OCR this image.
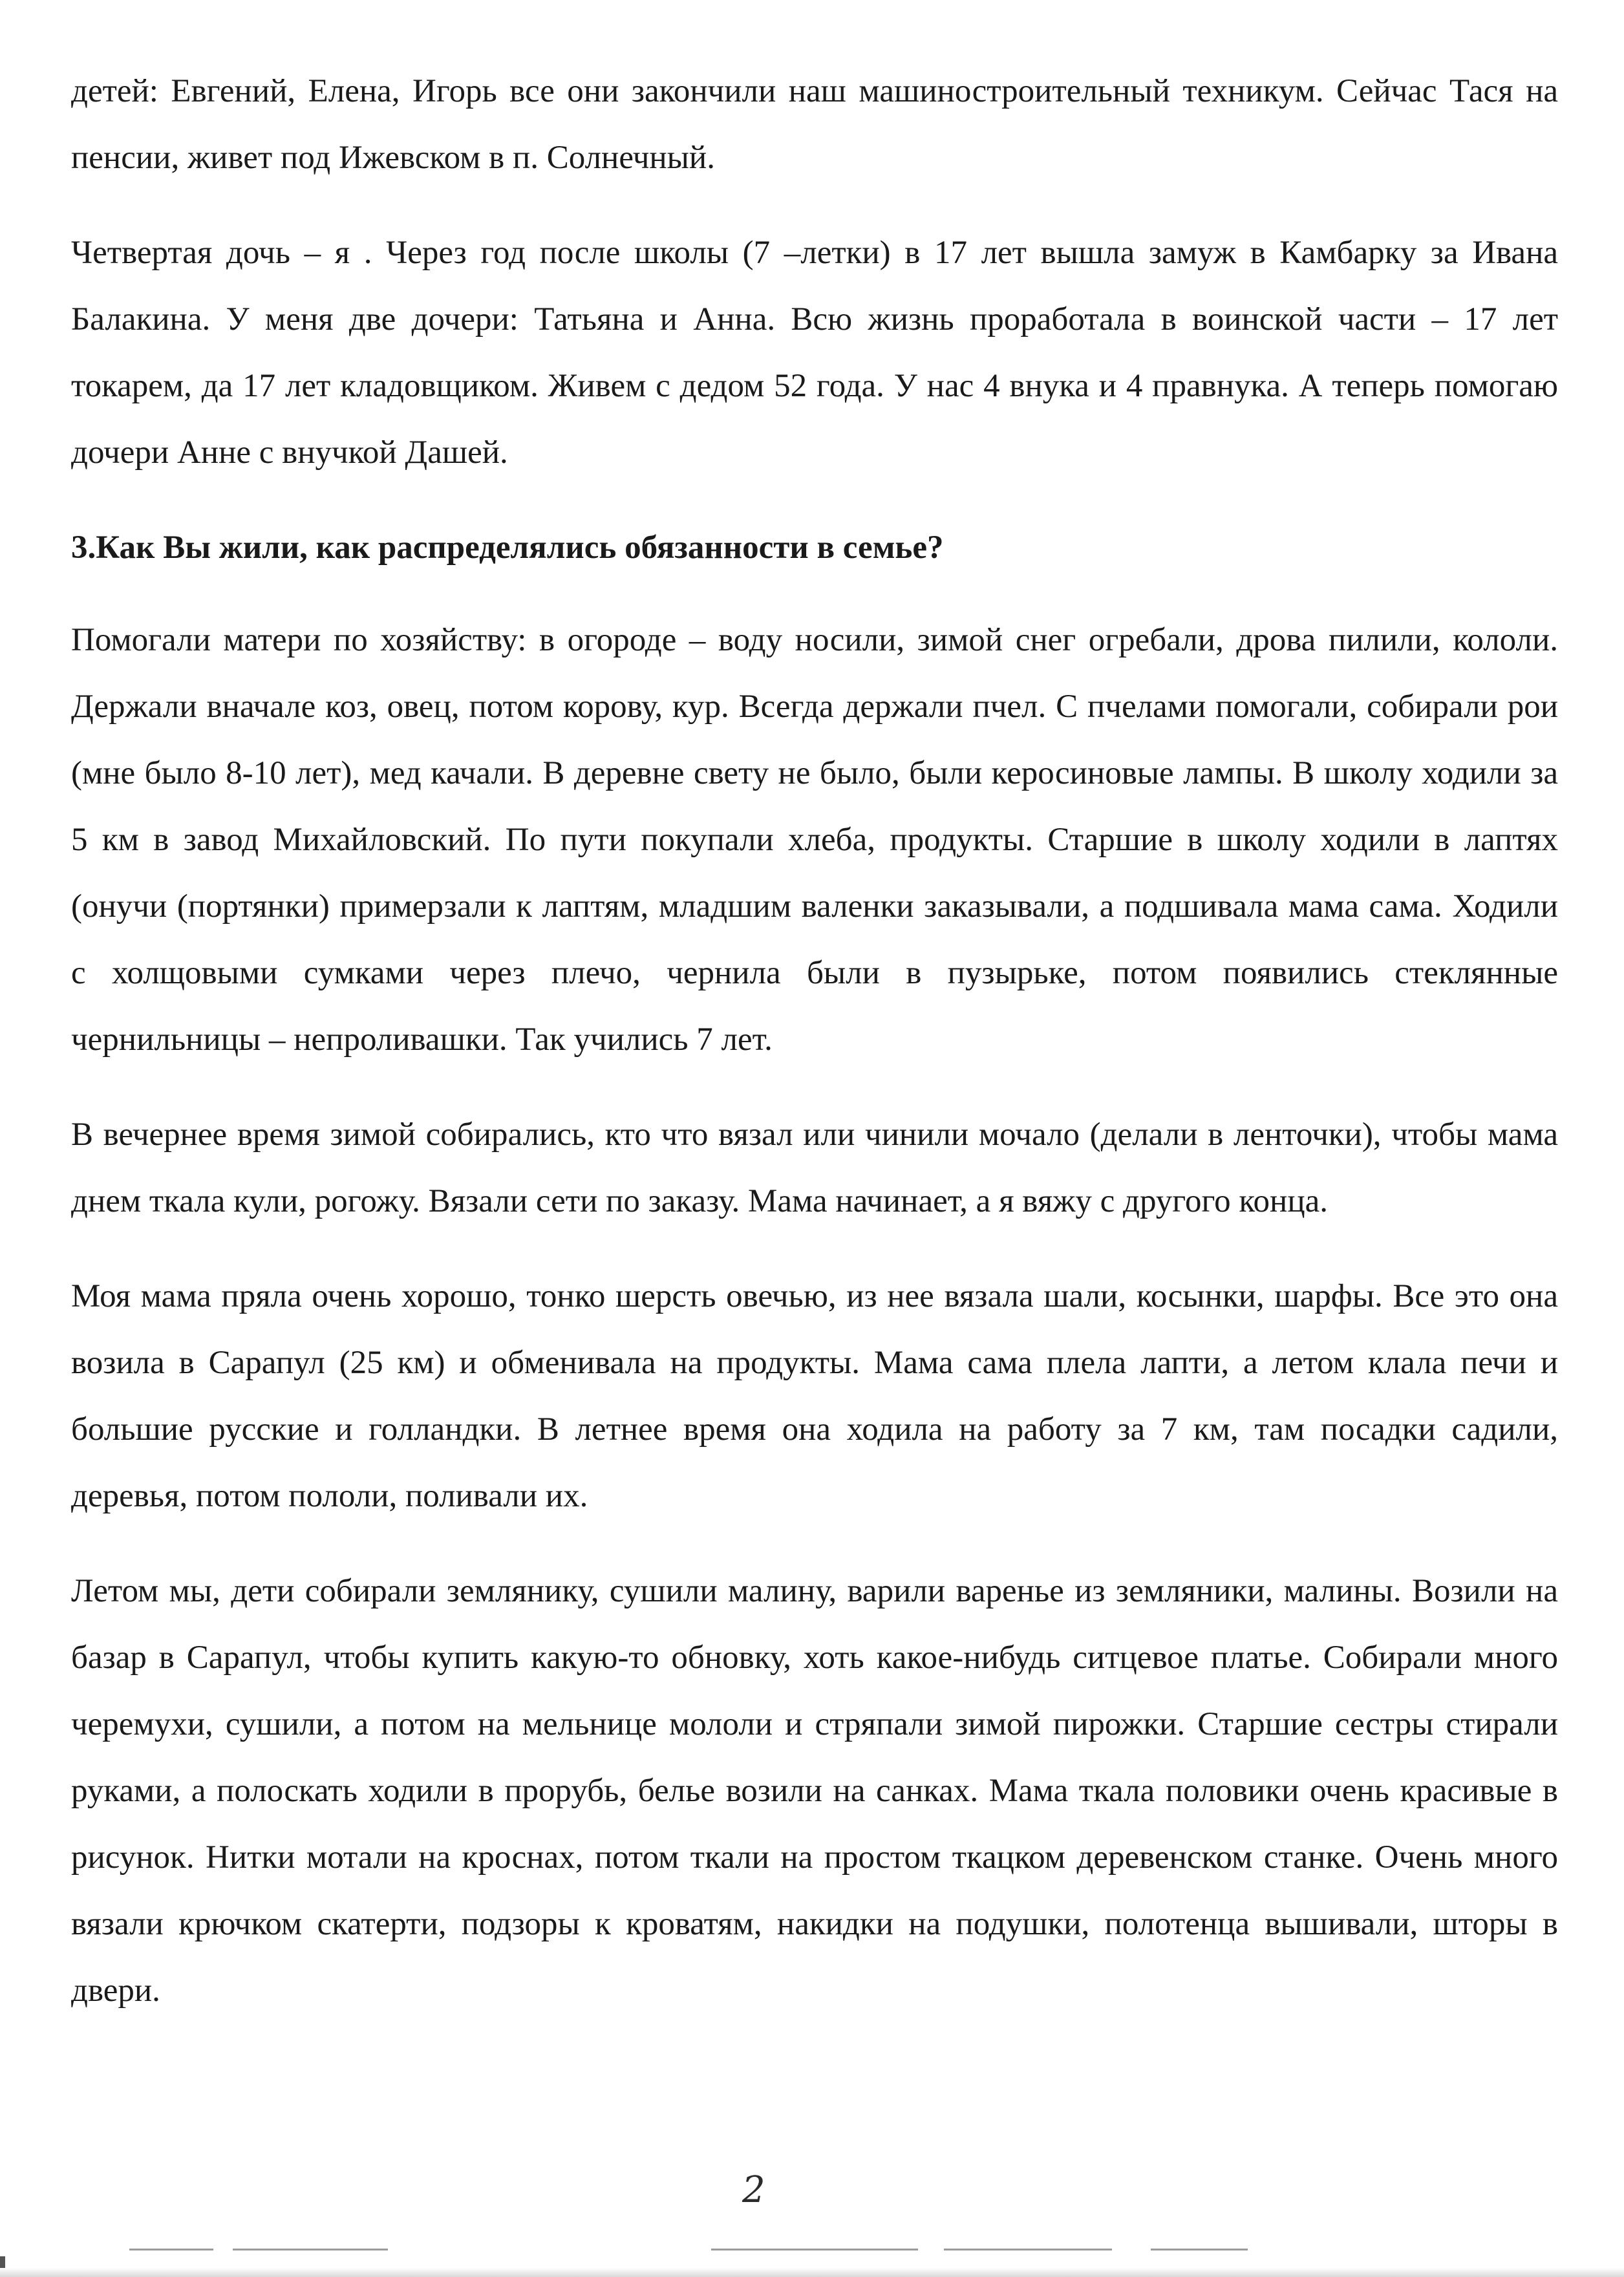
детей: Евгений, Елена, Игорь все они закончили наш машиностроительный техникум. Сейчас Тася на пенсии, живет под Ижевском в п. Солнечный.

Четвертая дочь – я . Через год после школы (7 –летки) в 17 лет вышла замуж в Камбарку за Ивана Балакина. У меня две дочери: Татьяна и Анна. Всю жизнь проработала в воинской части – 17 лет токарем, да 17 лет кладовщиком. Живем с дедом 52 года. У нас 4 внука и 4 правнука. А теперь помогаю дочери Анне с внучкой Дашей.

3.Как Вы жили, как распределялись обязанности в семье?

Помогали матери по хозяйству: в огороде – воду носили, зимой снег огребали, дрова пилили, кололи. Держали вначале коз, овец, потом корову, кур. Всегда держали пчел. С пчелами помогали, собирали рои (мне было 8-10 лет), мед качали. В деревне свету не было, были керосиновые лампы. В школу ходили за 5 км в завод Михайловский. По пути покупали хлеба, продукты. Старшие в школу ходили в лаптях (онучи (портянки) примерзали к лаптям, младшим валенки заказывали, а подшивала мама сама. Ходили с холщовыми сумками через плечо, чернила были в пузырьке, потом появились стеклянные чернильницы – непроливашки. Так учились 7 лет.

В вечернее время зимой собирались, кто что вязал или чинили мочало (делали в ленточки), чтобы мама днем ткала кули, рогожу. Вязали сети по заказу. Мама начинает, а я вяжу с другого конца.

Моя мама пряла очень хорошо, тонко шерсть овечью, из нее вязала шали, косынки, шарфы. Все это она возила в Сарапул (25 км) и обменивала на продукты. Мама сама плела лапти, а летом клала печи и большие русские и голландки. В летнее время она ходила на работу за 7 км, там посадки садили, деревья, потом пололи, поливали их.

Летом мы, дети собирали землянику, сушили малину, варили варенье из земляники, малины. Возили на базар в Сарапул, чтобы купить какую-то обновку, хоть какое-нибудь ситцевое платье. Собирали много черемухи, сушили, а потом на мельнице мололи и стряпали зимой пирожки. Старшие сестры стирали руками, а полоскать ходили в прорубь, белье возили на санках. Мама ткала половики очень красивые в рисунок. Нитки мотали на кроснах, потом ткали на простом ткацком деревенском станке. Очень много вязали крючком скатерти, подзоры к кроватям, накидки на подушки, полотенца вышивали, шторы в двери.

2
